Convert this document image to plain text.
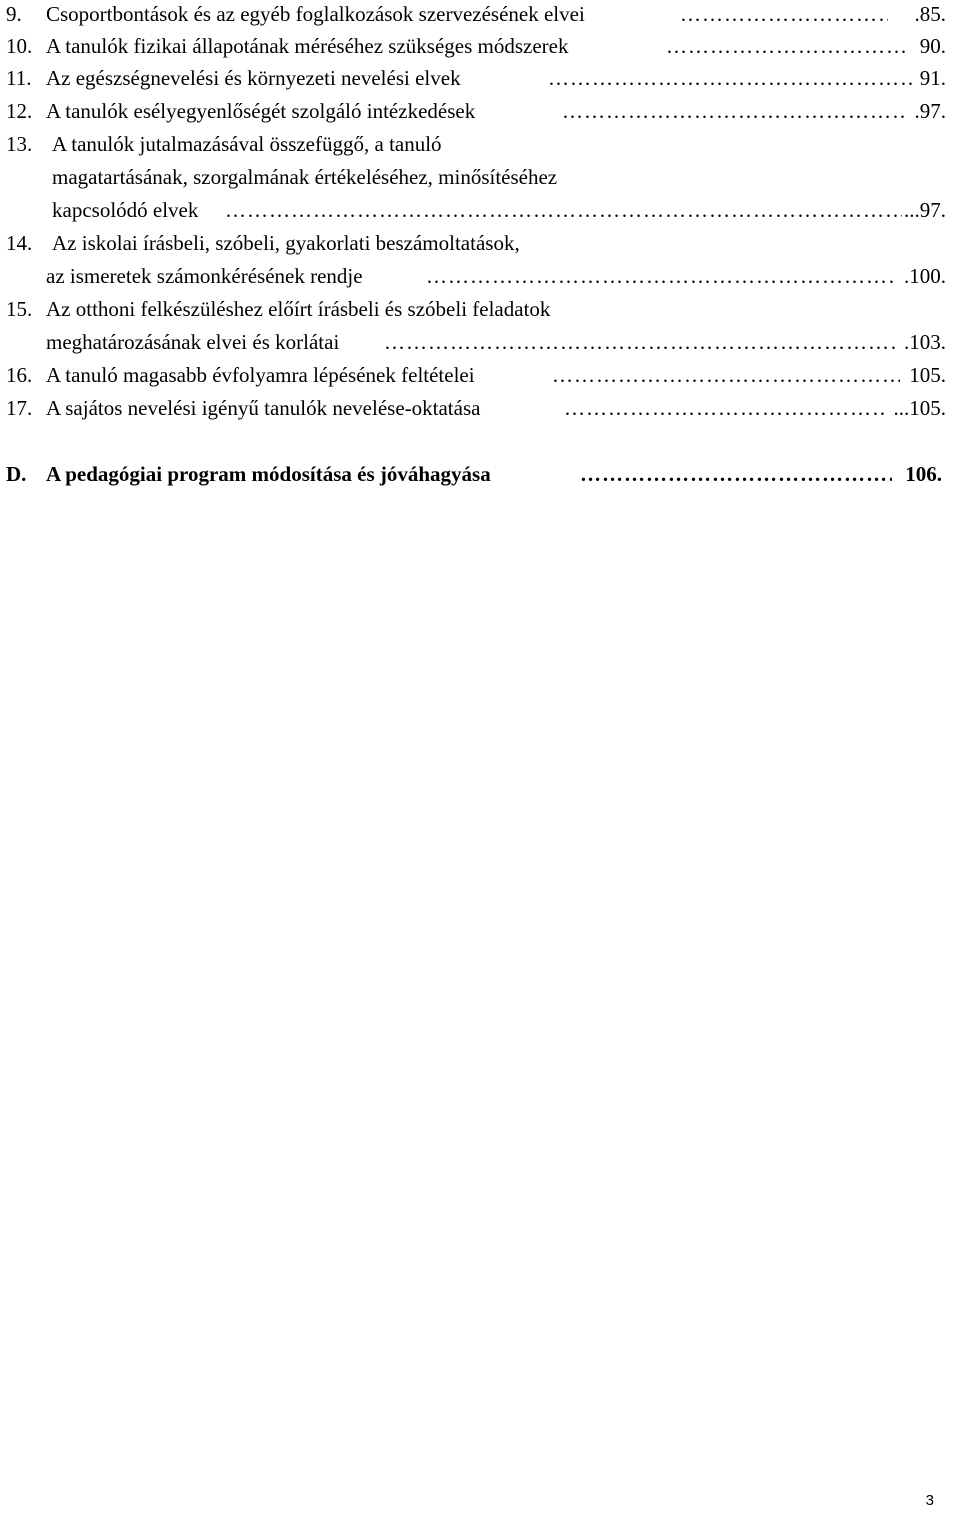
9. Csoportbontások és az egyéb foglalkozások szervezésének elvei …………………………………………………………………………………………………………………………………………	.85.
10. A tanulók fizikai állapotának méréséhez szükséges módszerek …………………………………………………………………………………………………………………………………………	90.
11. Az egészségnevelési és környezeti nevelési elvek …………………………………………………………………………………………………………………………………………	91.
12. A tanulók esélyegyenlőségét szolgáló intézkedések …………………………………………………………………………………………………………………………………………	.97.
13. A tanulók jutalmazásával összefüggő, a tanuló
magatartásának, szorgalmának értékeléséhez, minősítéséhez
kapcsolódó elvek …………………………………………………………………………………………………………………………………………	...97.
14. Az iskolai írásbeli, szóbeli, gyakorlati beszámoltatások,
az ismeretek számonkérésének rendje …………………………………………………………………………………………………………………………………………	.100.
15. Az otthoni felkészüléshez előírt írásbeli és szóbeli feladatok
meghatározásának elvei és korlátai …………………………………………………………………………………………………………………………………………	.103.
16. A tanuló magasabb évfolyamra lépésének feltételei …………………………………………………………………………………………………………………………………………	105.
17. A sajátos nevelési igényű tanulók nevelése-oktatása …………………………………………………………………………………………………………………………………………	...105.
D. A pedagógiai program módosítása és jóváhagyása …………………………………………………………………………………………………………………………………………	106.
3
